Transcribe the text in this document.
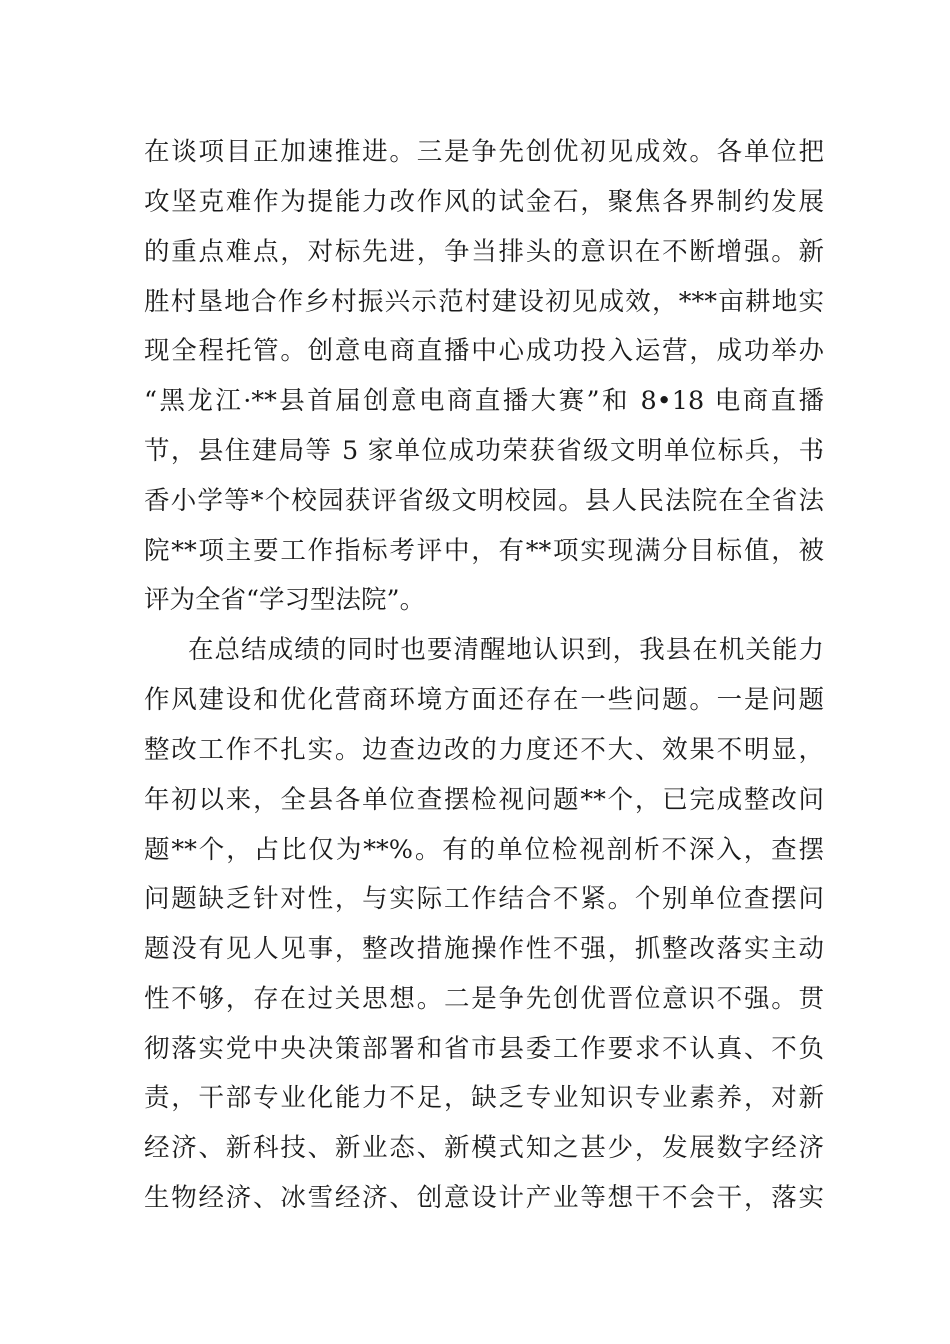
在谈项目正加速推进。三是争先创优初见成效。各单位把
攻坚克难作为提能力改作风的试金石，聚焦各界制约发展
的重点难点，对标先进，争当排头的意识在不断增强。新
胜村垦地合作乡村振兴示范村建设初见成效，***亩耕地实
现全程托管。创意电商直播中心成功投入运营，成功举办
“黑龙江·**县首届创意电商直播大赛”和 8•18 电商直播
节，县住建局等 5 家单位成功荣获省级文明单位标兵，书
香小学等*个校园获评省级文明校园。县人民法院在全省法
院**项主要工作指标考评中，有**项实现满分目标值，被
评为全省“学习型法院”。
在总结成绩的同时也要清醒地认识到，我县在机关能力
作风建设和优化营商环境方面还存在一些问题。一是问题
整改工作不扎实。边查边改的力度还不大、效果不明显，
年初以来，全县各单位查摆检视问题**个，已完成整改问
题**个，占比仅为**%。有的单位检视剖析不深入，查摆
问题缺乏针对性，与实际工作结合不紧。个别单位查摆问
题没有见人见事，整改措施操作性不强，抓整改落实主动
性不够，存在过关思想。二是争先创优晋位意识不强。贯
彻落实党中央决策部署和省市县委工作要求不认真、不负
责，干部专业化能力不足，缺乏专业知识专业素养，对新
经济、新科技、新业态、新模式知之甚少，发展数字经济
生物经济、冰雪经济、创意设计产业等想干不会干，落实
